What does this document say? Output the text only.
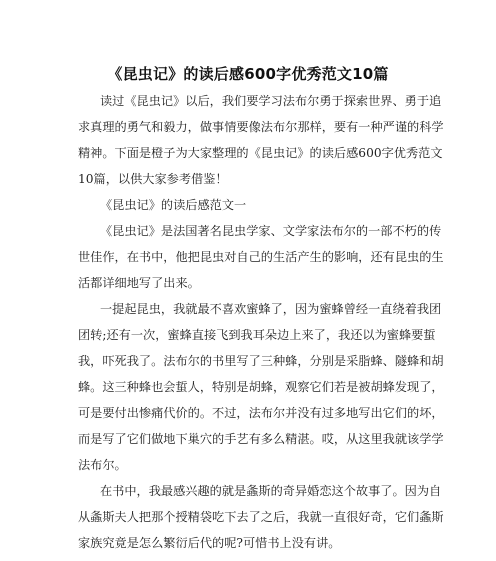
《昆虫记》的读后感600字优秀范文10篇
读过《昆虫记》以后，我们要学习法布尔勇于探索世界、勇于追
求真理的勇气和毅力，做事情要像法布尔那样，要有一种严谨的科学
精神。下面是橙子为大家整理的《昆虫记》的读后感600字优秀范文
10篇，以供大家参考借鉴！
《昆虫记》的读后感范文一
《昆虫记》是法国著名昆虫学家、文学家法布尔的一部不朽的传
世佳作，在书中，他把昆虫对自己的生活产生的影响，还有昆虫的生
活都详细地写了出来。
一提起昆虫，我就最不喜欢蜜蜂了，因为蜜蜂曾经一直绕着我团
团转;还有一次，蜜蜂直接飞到我耳朵边上来了，我还以为蜜蜂要蜇
我，吓死我了。法布尔的书里写了三种蜂，分别是采脂蜂、隧蜂和胡
蜂。这三种蜂也会蜇人，特别是胡蜂，观察它们若是被胡蜂发现了，
可是要付出惨痛代价的。不过，法布尔并没有过多地写出它们的坏，
而是写了它们做地下巢穴的手艺有多么精湛。哎，从这里我就该学学
法布尔。
在书中，我最感兴趣的就是螽斯的奇异婚恋这个故事了。因为自
从螽斯夫人把那个授精袋吃下去了之后，我就一直很好奇，它们螽斯
家族究竟是怎么繁衍后代的呢?可惜书上没有讲。
